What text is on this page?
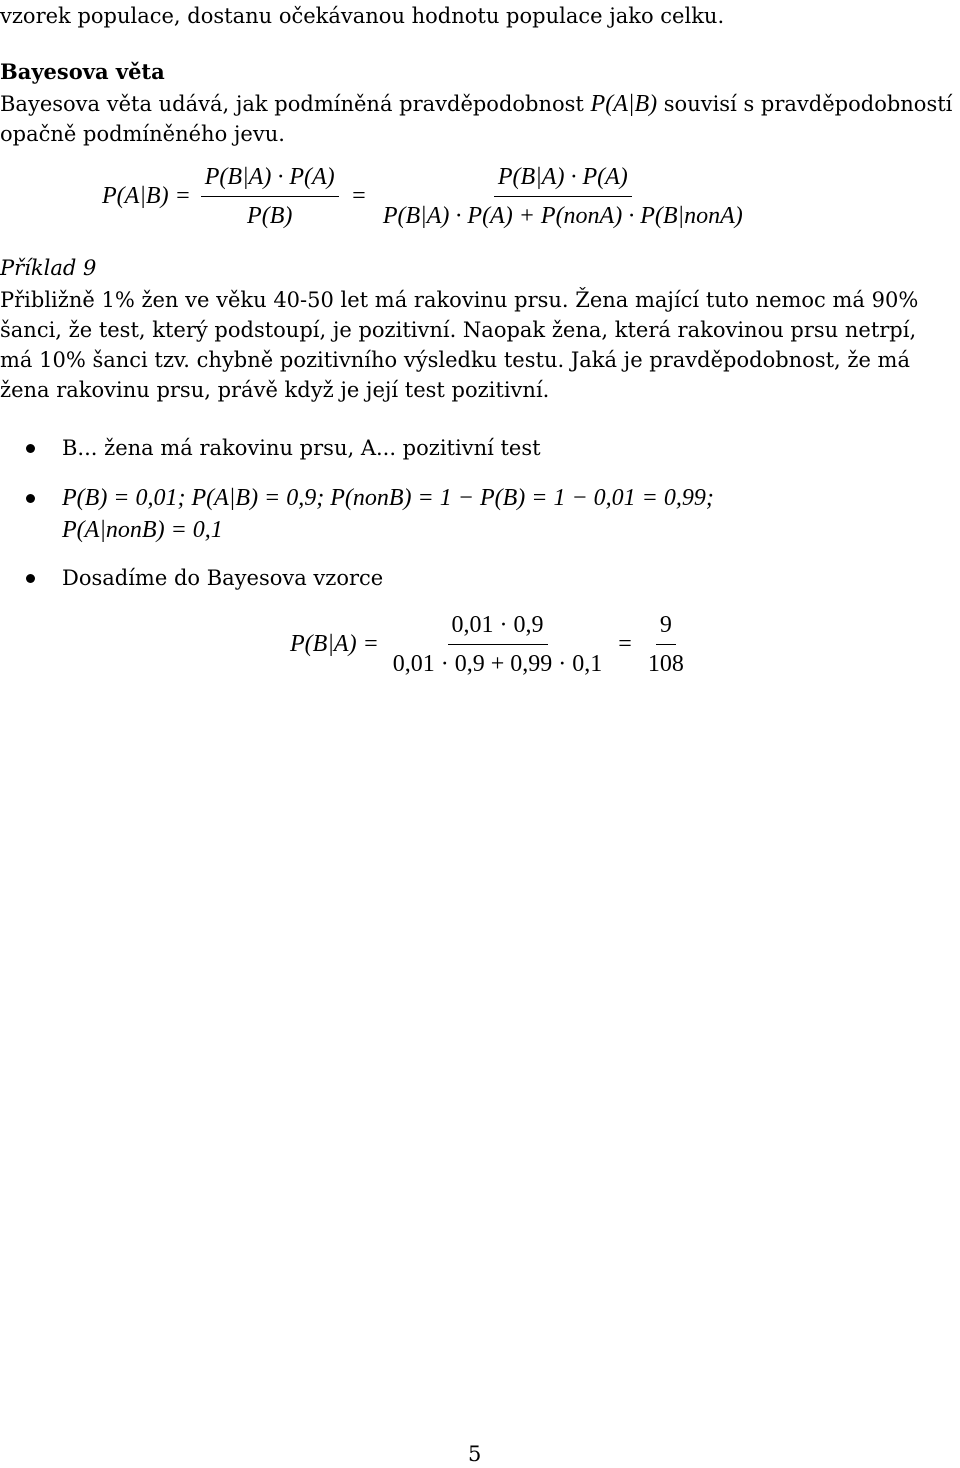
vzorek populace, dostanu očekávanou hodnotu populace jako celku.
Bayesova věta
Bayesova věta udává, jak podmíněná pravděpodobnost P(A|B) souvisí s pravděpodobností
opačně podmíněného jevu.
$P(A|B) = \frac{P(B|A) \cdot P(A)}{P(B)} = \frac{P(B|A) \cdot P(A)}{\text{P(B|A) · P(A) + P(nonA) · P(B|nonA)}}$
Příklad 9
Přibližně 1% žen ve věku 40-50 let má rakovinu prsu. Žena mající tuto nemoc má 90%
šanci, že test, který podstoupí, je pozitivní. Naopak žena, která rakovinou prsu netrpí,
má 10% šanci tzv. chybně pozitivního výsledku testu. Jaká je pravděpodobnost, že má
žena rakovinu prsu, právě když je její test pozitivní.
B... žena má rakovinu prsu, A... pozitivní test
P(B) = 0,01; P(A|B) = 0,9; P(nonB) = 1 − P(B) = 1 − 0,01 = 0,99;
P(A|nonB) = 0,1
Dosadíme do Bayesova vzorce
$P(B|A) = \frac{0,01 \cdot 0,9}{0,01 \cdot 0,9 + 0,99 \cdot 0,1} = \frac{9}{108}$
5
